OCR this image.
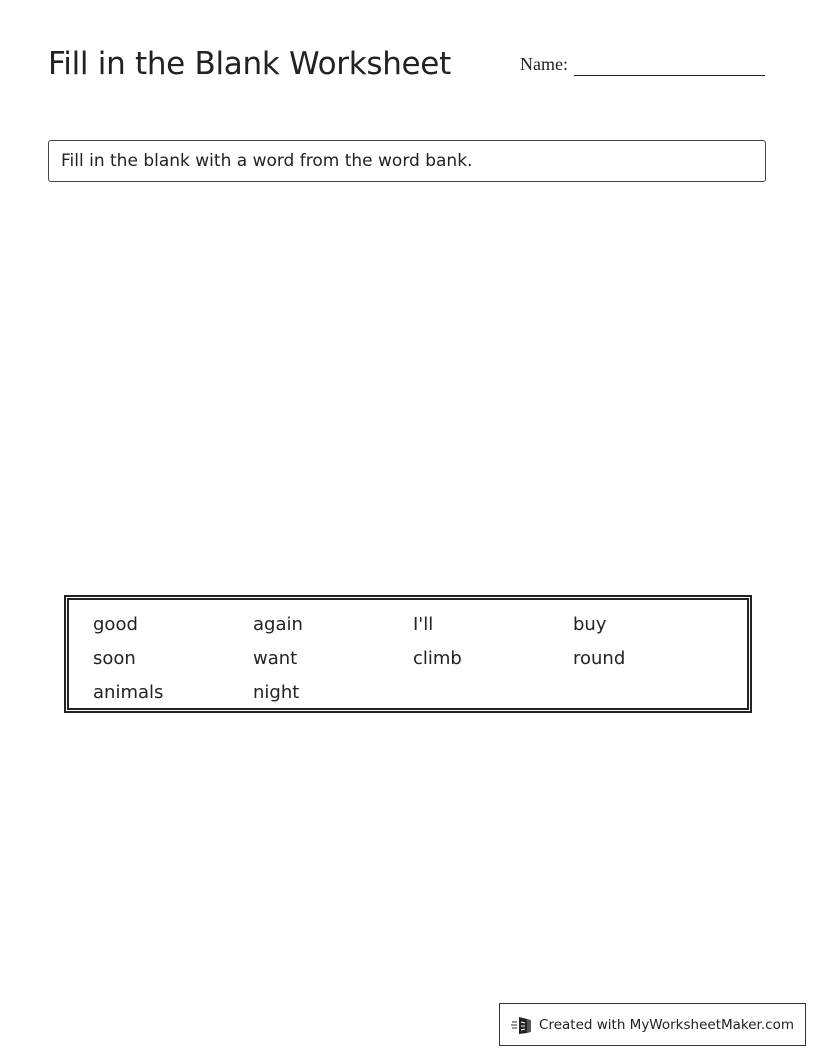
Fill in the Blank Worksheet	Name:
Fill in the blank with a word from the word bank.
good	again	I'll	buy
soon	want	climb	round
animals	night
Created with MyWorksheetMaker.com
